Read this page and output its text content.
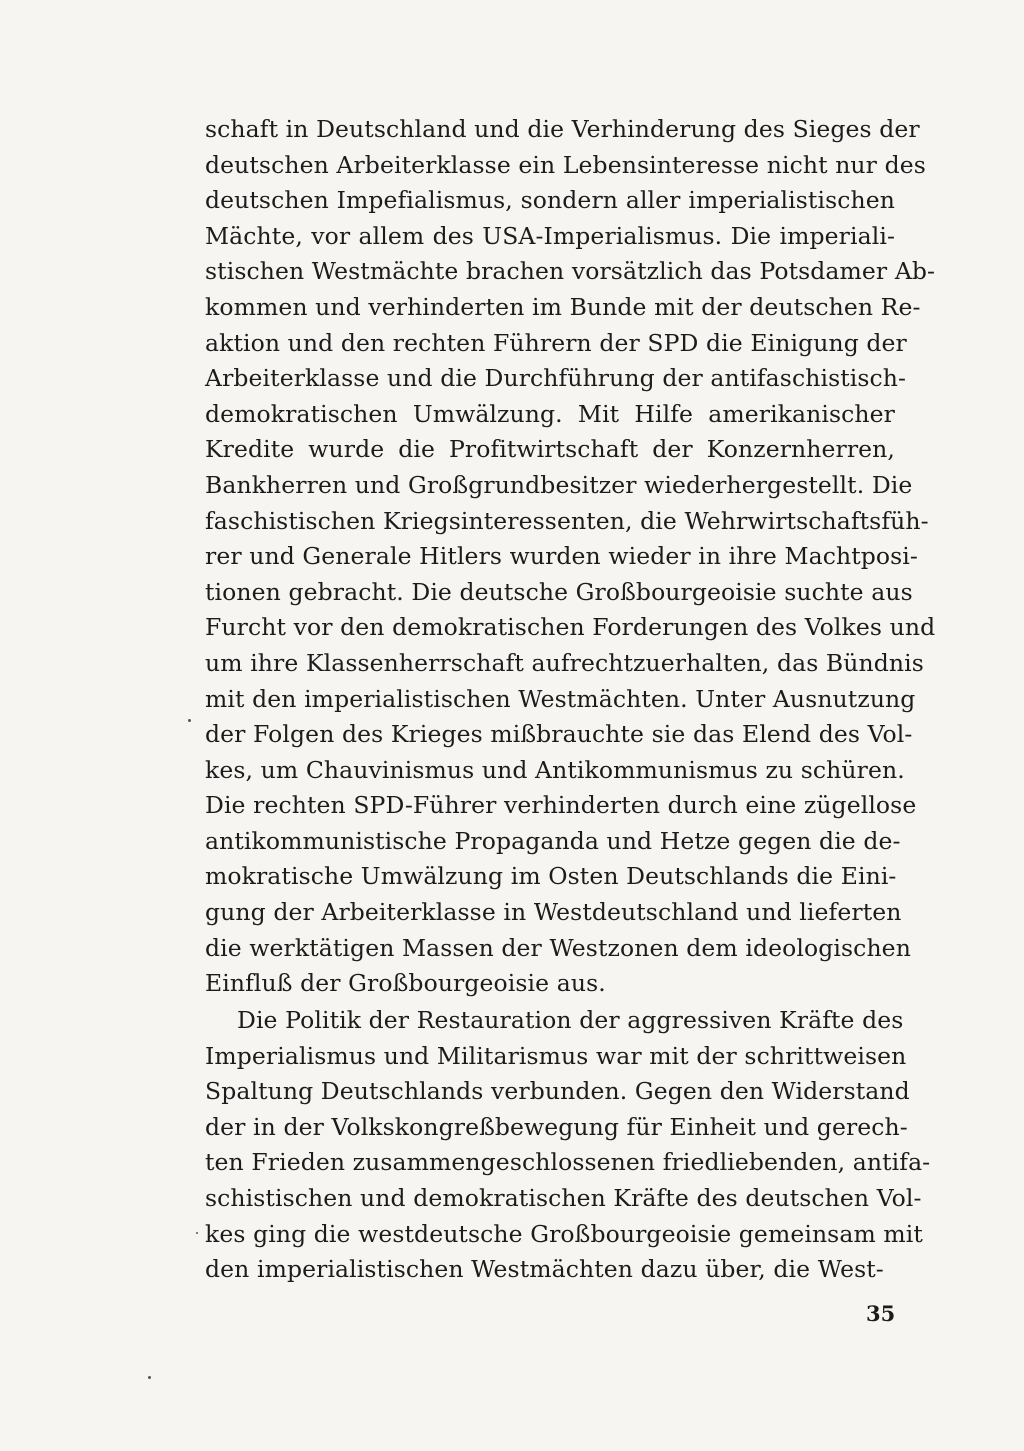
schaft in Deutschland und die Verhinderung des Sieges der
deutschen Arbeiterklasse ein Lebensinteresse nicht nur des
deutschen Impefialismus, sondern aller imperialistischen
Mächte, vor allem des USA-Imperialismus. Die imperiali-
stischen Westmächte brachen vorsätzlich das Potsdamer Ab-
kommen und verhinderten im Bunde mit der deutschen Re-
aktion und den rechten Führern der SPD die Einigung der
Arbeiterklasse und die Durchführung der antifaschistisch-
demokratischen Umwälzung. Mit Hilfe amerikanischer
Kredite wurde die Profitwirtschaft der Konzernherren,
Bankherren und Großgrundbesitzer wiederhergestellt. Die
faschistischen Kriegsinteressenten, die Wehrwirtschaftsfüh-
rer und Generale Hitlers wurden wieder in ihre Machtposi-
tionen gebracht. Die deutsche Großbourgeoisie suchte aus
Furcht vor den demokratischen Forderungen des Volkes und
um ihre Klassenherrschaft aufrechtzuerhalten, das Bündnis
mit den imperialistischen Westmächten. Unter Ausnutzung
der Folgen des Krieges mißbrauchte sie das Elend des Vol-
kes, um Chauvinismus und Antikommunismus zu schüren.
Die rechten SPD-Führer verhinderten durch eine zügellose
antikommunistische Propaganda und Hetze gegen die de-
mokratische Umwälzung im Osten Deutschlands die Eini-
gung der Arbeiterklasse in Westdeutschland und lieferten
die werktätigen Massen der Westzonen dem ideologischen
Einfluß der Großbourgeoisie aus.
Die Politik der Restauration der aggressiven Kräfte des
Imperialismus und Militarismus war mit der schrittweisen
Spaltung Deutschlands verbunden. Gegen den Widerstand
der in der Volkskongreßbewegung für Einheit und gerech-
ten Frieden zusammengeschlossenen friedliebenden, antifa-
schistischen und demokratischen Kräfte des deutschen Vol-
kes ging die westdeutsche Großbourgeoisie gemeinsam mit
den imperialistischen Westmächten dazu über, die West-
35
